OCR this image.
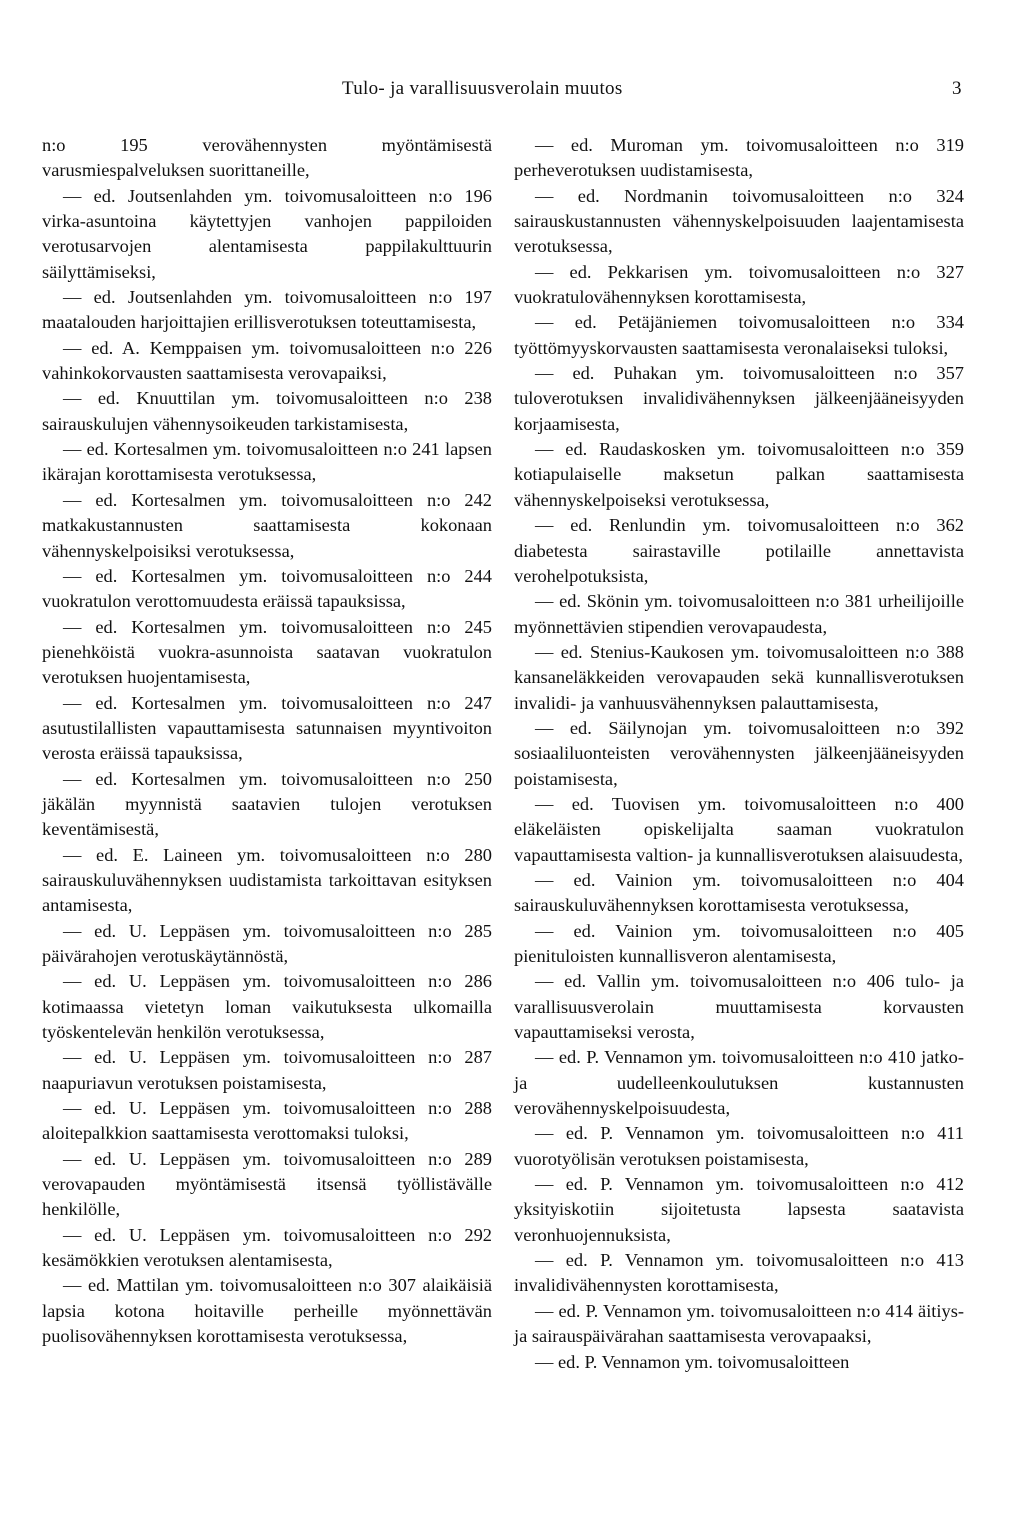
Tulo- ja varallisuusverolain muutos	3

n:o 195 verovähennysten myöntämisestä varusmiespalveluksen suorittaneille,

— ed. Joutsenlahden ym. toivomusaloitteen n:o 196 virka-asuntoina käytettyjen vanhojen pappiloiden verotusarvojen alentamisesta pappilakulttuurin säilyttämiseksi,

— ed. Joutsenlahden ym. toivomusaloitteen n:o 197 maatalouden harjoittajien erillisverotuksen toteuttamisesta,

— ed. A. Kemppaisen ym. toivomusaloitteen n:o 226 vahinkokorvausten saattamisesta verovapaiksi,

— ed. Knuuttilan ym. toivomusaloitteen n:o 238 sairauskulujen vähennysoikeuden tarkistamisesta,

— ed. Kortesalmen ym. toivomusaloitteen n:o 241 lapsen ikärajan korottamisesta verotuksessa,

— ed. Kortesalmen ym. toivomusaloitteen n:o 242 matkakustannusten saattamisesta kokonaan vähennyskelpoisiksi verotuksessa,

— ed. Kortesalmen ym. toivomusaloitteen n:o 244 vuokratulon verottomuudesta eräissä tapauksissa,

— ed. Kortesalmen ym. toivomusaloitteen n:o 245 pienehköistä vuokra-asunnoista saatavan vuokratulon verotuksen huojentamisesta,

— ed. Kortesalmen ym. toivomusaloitteen n:o 247 asutustilallisten vapauttamisesta satunnaisen myyntivoiton verosta eräissä tapauksissa,

— ed. Kortesalmen ym. toivomusaloitteen n:o 250 jäkälän myynnistä saatavien tulojen verotuksen keventämisestä,

— ed. E. Laineen ym. toivomusaloitteen n:o 280 sairauskuluvähennyksen uudistamista tarkoittavan esityksen antamisesta,

— ed. U. Leppäsen ym. toivomusaloitteen n:o 285 päivärahojen verotuskäytännöstä,

— ed. U. Leppäsen ym. toivomusaloitteen n:o 286 kotimaassa vietetyn loman vaikutuksesta ulkomailla työskentelevän henkilön verotuksessa,

— ed. U. Leppäsen ym. toivomusaloitteen n:o 287 naapuriavun verotuksen poistamisesta,

— ed. U. Leppäsen ym. toivomusaloitteen n:o 288 aloitepalkkion saattamisesta verottomaksi tuloksi,

— ed. U. Leppäsen ym. toivomusaloitteen n:o 289 verovapauden myöntämisestä itsensä työllistävälle henkilölle,

— ed. U. Leppäsen ym. toivomusaloitteen n:o 292 kesämökkien verotuksen alentamisesta,

— ed. Mattilan ym. toivomusaloitteen n:o 307 alaikäisiä lapsia kotona hoitaville perheille myönnettävän puolisovähennyksen korottamisesta verotuksessa,

— ed. Muroman ym. toivomusaloitteen n:o 319 perheverotuksen uudistamisesta,

— ed. Nordmanin toivomusaloitteen n:o 324 sairauskustannusten vähennyskelpoisuuden laajentamisesta verotuksessa,

— ed. Pekkarisen ym. toivomusaloitteen n:o 327 vuokratulovähennyksen korottamisesta,

— ed. Petäjäniemen toivomusaloitteen n:o 334 työttömyyskorvausten saattamisesta veronalaiseksi tuloksi,

— ed. Puhakan ym. toivomusaloitteen n:o 357 tuloverotuksen invalidivähennyksen jälkeenjääneisyyden korjaamisesta,

— ed. Raudaskosken ym. toivomusaloitteen n:o 359 kotiapulaiselle maksetun palkan saattamisesta vähennyskelpoiseksi verotuksessa,

— ed. Renlundin ym. toivomusaloitteen n:o 362 diabetesta sairastaville potilaille annettavista verohelpotuksista,

— ed. Skönin ym. toivomusaloitteen n:o 381 urheilijoille myönnettävien stipendien verovapaudesta,

— ed. Stenius-Kaukosen ym. toivomusaloitteen n:o 388 kansaneläkkeiden verovapauden sekä kunnallisverotuksen invalidi- ja vanhuusvähennyksen palauttamisesta,

— ed. Säilynojan ym. toivomusaloitteen n:o 392 sosiaaliluonteisten verovähennysten jälkeenjääneisyyden poistamisesta,

— ed. Tuovisen ym. toivomusaloitteen n:o 400 eläkeläisten opiskelijalta saaman vuokratulon vapauttamisesta valtion- ja kunnallisverotuksen alaisuudesta,

— ed. Vainion ym. toivomusaloitteen n:o 404 sairauskuluvähennyksen korottamisesta verotuksessa,

— ed. Vainion ym. toivomusaloitteen n:o 405 pienituloisten kunnallisveron alentamisesta,

— ed. Vallin ym. toivomusaloitteen n:o 406 tulo- ja varallisuusverolain muuttamisesta korvausten vapauttamiseksi verosta,

— ed. P. Vennamon ym. toivomusaloitteen n:o 410 jatko- ja uudelleenkoulutuksen kustannusten verovähennyskelpoisuudesta,

— ed. P. Vennamon ym. toivomusaloitteen n:o 411 vuorotyölisän verotuksen poistamisesta,

— ed. P. Vennamon ym. toivomusaloitteen n:o 412 yksityiskotiin sijoitetusta lapsesta saatavista veronhuojennuksista,

— ed. P. Vennamon ym. toivomusaloitteen n:o 413 invalidivähennysten korottamisesta,

— ed. P. Vennamon ym. toivomusaloitteen n:o 414 äitiys- ja sairauspäivärahan saattamisesta verovapaaksi,

— ed. P. Vennamon ym. toivomusaloitteen
